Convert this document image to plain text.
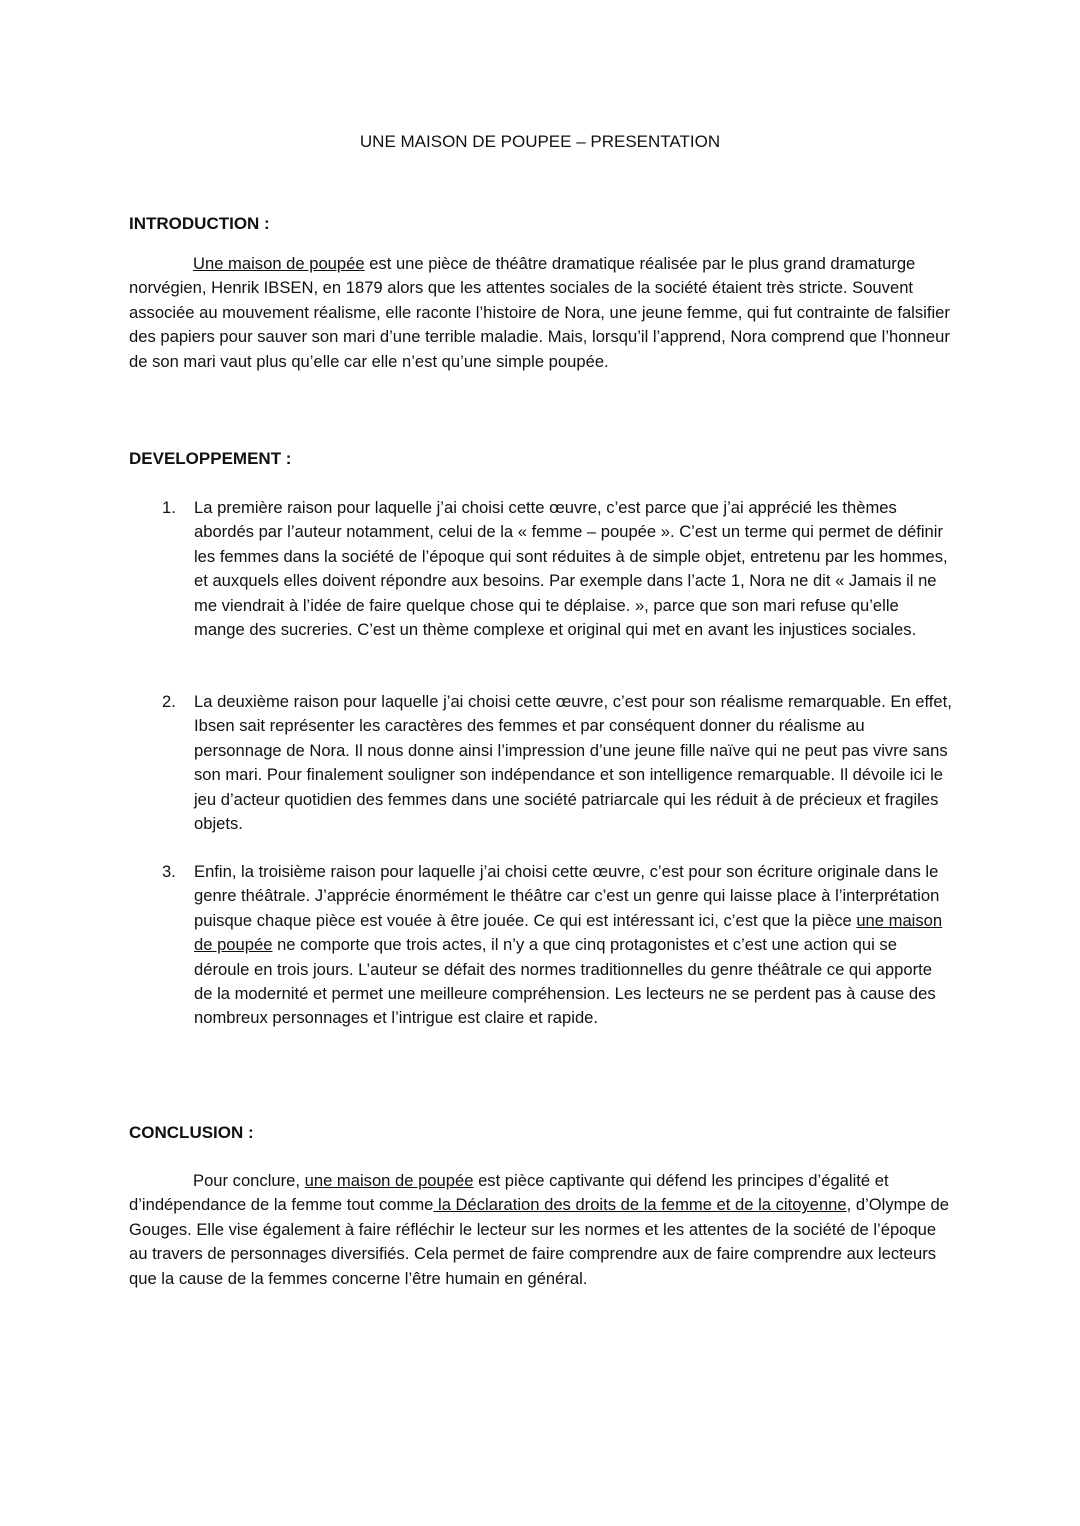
UNE MAISON DE POUPEE – PRESENTATION
INTRODUCTION :

Une maison de poupée est une pièce de théâtre dramatique réalisée par le plus grand dramaturge norvégien, Henrik IBSEN, en 1879 alors que les attentes sociales de la société étaient très stricte. Souvent associée au mouvement réalisme, elle raconte l’histoire de Nora, une jeune femme, qui fut contrainte de falsifier des papiers pour sauver son mari d’une terrible maladie. Mais, lorsqu’il l’apprend, Nora comprend que l’honneur de son mari vaut plus qu’elle car elle n’est qu’une simple poupée.

DEVELOPPEMENT :
1.	La première raison pour laquelle j’ai choisi cette œuvre, c’est parce que j’ai apprécié les thèmes abordés par l’auteur notamment, celui de la « femme – poupée ». C’est un terme qui permet de définir les femmes dans la société de l’époque qui sont réduites à de simple objet, entretenu par les hommes, et auxquels elles doivent répondre aux besoins. Par exemple dans l’acte 1, Nora ne dit « Jamais il ne me viendrait à l’idée de faire quelque chose qui te déplaise. », parce que son mari refuse qu’elle mange des sucreries. C’est un thème complexe et original qui met en avant les injustices sociales.
2.	La deuxième raison pour laquelle j’ai choisi cette œuvre, c’est pour son réalisme remarquable. En effet, Ibsen sait représenter les caractères des femmes et par conséquent donner du réalisme au personnage de Nora. Il nous donne ainsi l’impression d’une jeune fille naïve qui ne peut pas vivre sans son mari. Pour finalement souligner son indépendance et son intelligence remarquable. Il dévoile ici le jeu d’acteur quotidien des femmes dans une société patriarcale qui les réduit à de précieux et fragiles objets.
3.	Enfin, la troisième raison pour laquelle j’ai choisi cette œuvre, c’est pour son écriture originale dans le genre théâtrale. J’apprécie énormément le théâtre car c’est un genre qui laisse place à l’interprétation puisque chaque pièce est vouée à être jouée. Ce qui est intéressant ici, c’est que la pièce une maison de poupée ne comporte que trois actes, il n’y a que cinq protagonistes et c’est une action qui se déroule en trois jours. L’auteur se défait des normes traditionnelles du genre théâtrale ce qui apporte de la modernité et permet une meilleure compréhension. Les lecteurs ne se perdent pas à cause des nombreux personnages et l’intrigue est claire et rapide.
CONCLUSION :

Pour conclure, une maison de poupée est pièce captivante qui défend les principes d’égalité et d’indépendance de la femme tout comme la Déclaration des droits de la femme et de la citoyenne, d’Olympe de Gouges. Elle vise également à faire réfléchir le lecteur sur les normes et les attentes de la société de l’époque au travers de personnages diversifiés. Cela permet de faire comprendre aux de faire comprendre aux lecteurs que la cause de la femmes concerne l’être humain en général.
